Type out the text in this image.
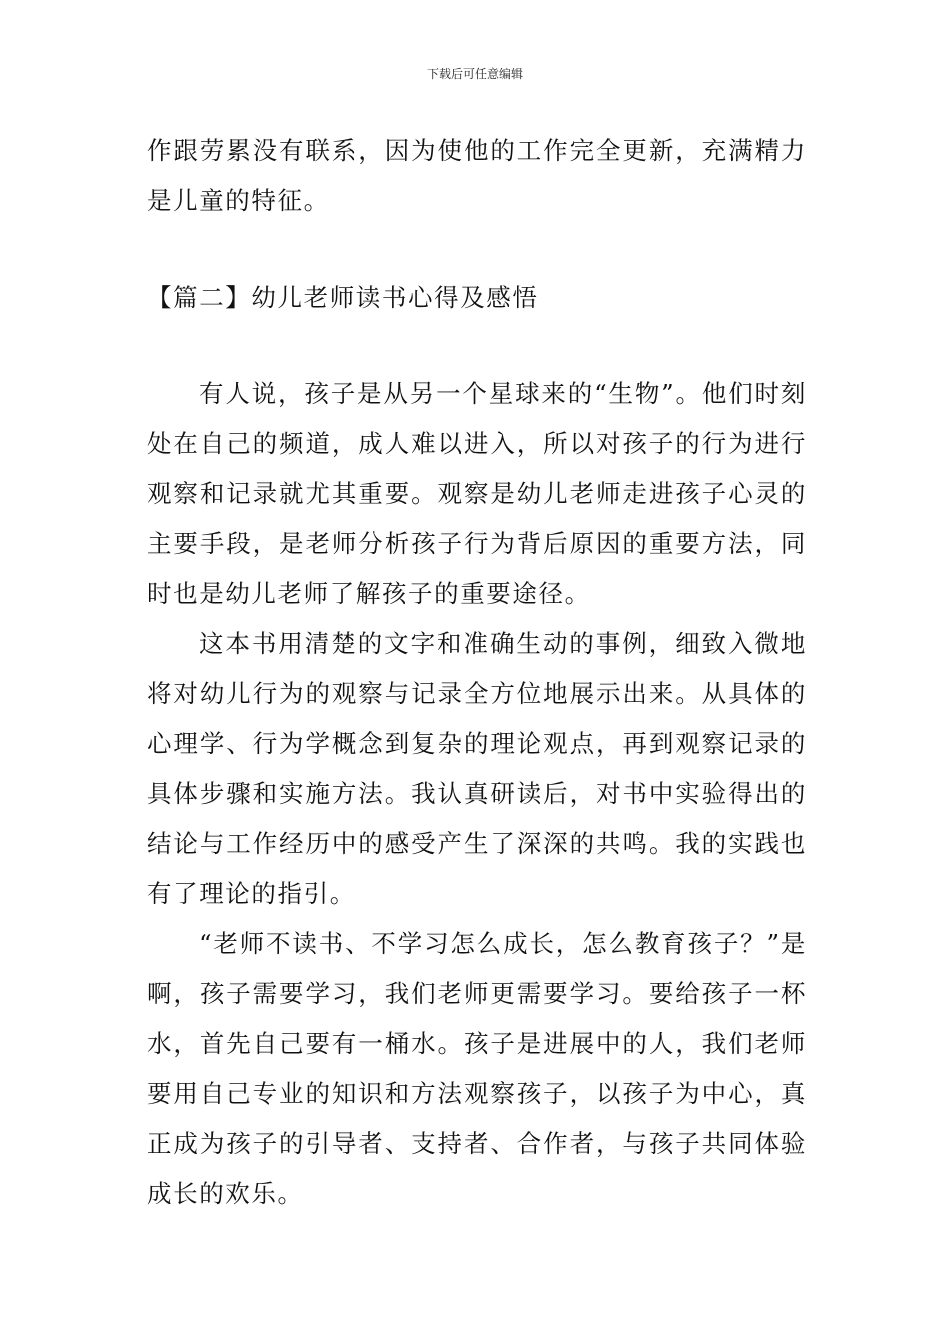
下载后可任意编辑

作跟劳累没有联系，因为使他的工作完全更新，充满精力是儿童的特征。

【篇二】幼儿老师读书心得及感悟

有人说，孩子是从另一个星球来的“生物”。他们时刻处在自己的频道，成人难以进入，所以对孩子的行为进行观察和记录就尤其重要。观察是幼儿老师走进孩子心灵的主要手段，是老师分析孩子行为背后原因的重要方法，同时也是幼儿老师了解孩子的重要途径。

这本书用清楚的文字和准确生动的事例，细致入微地将对幼儿行为的观察与记录全方位地展示出来。从具体的心理学、行为学概念到复杂的理论观点，再到观察记录的具体步骤和实施方法。我认真研读后，对书中实验得出的结论与工作经历中的感受产生了深深的共鸣。我的实践也有了理论的指引。

“老师不读书、不学习怎么成长，怎么教育孩子？”是啊，孩子需要学习，我们老师更需要学习。要给孩子一杯水，首先自己要有一桶水。孩子是进展中的人，我们老师要用自己专业的知识和方法观察孩子，以孩子为中心，真正成为孩子的引导者、支持者、合作者，与孩子共同体验成长的欢乐。
